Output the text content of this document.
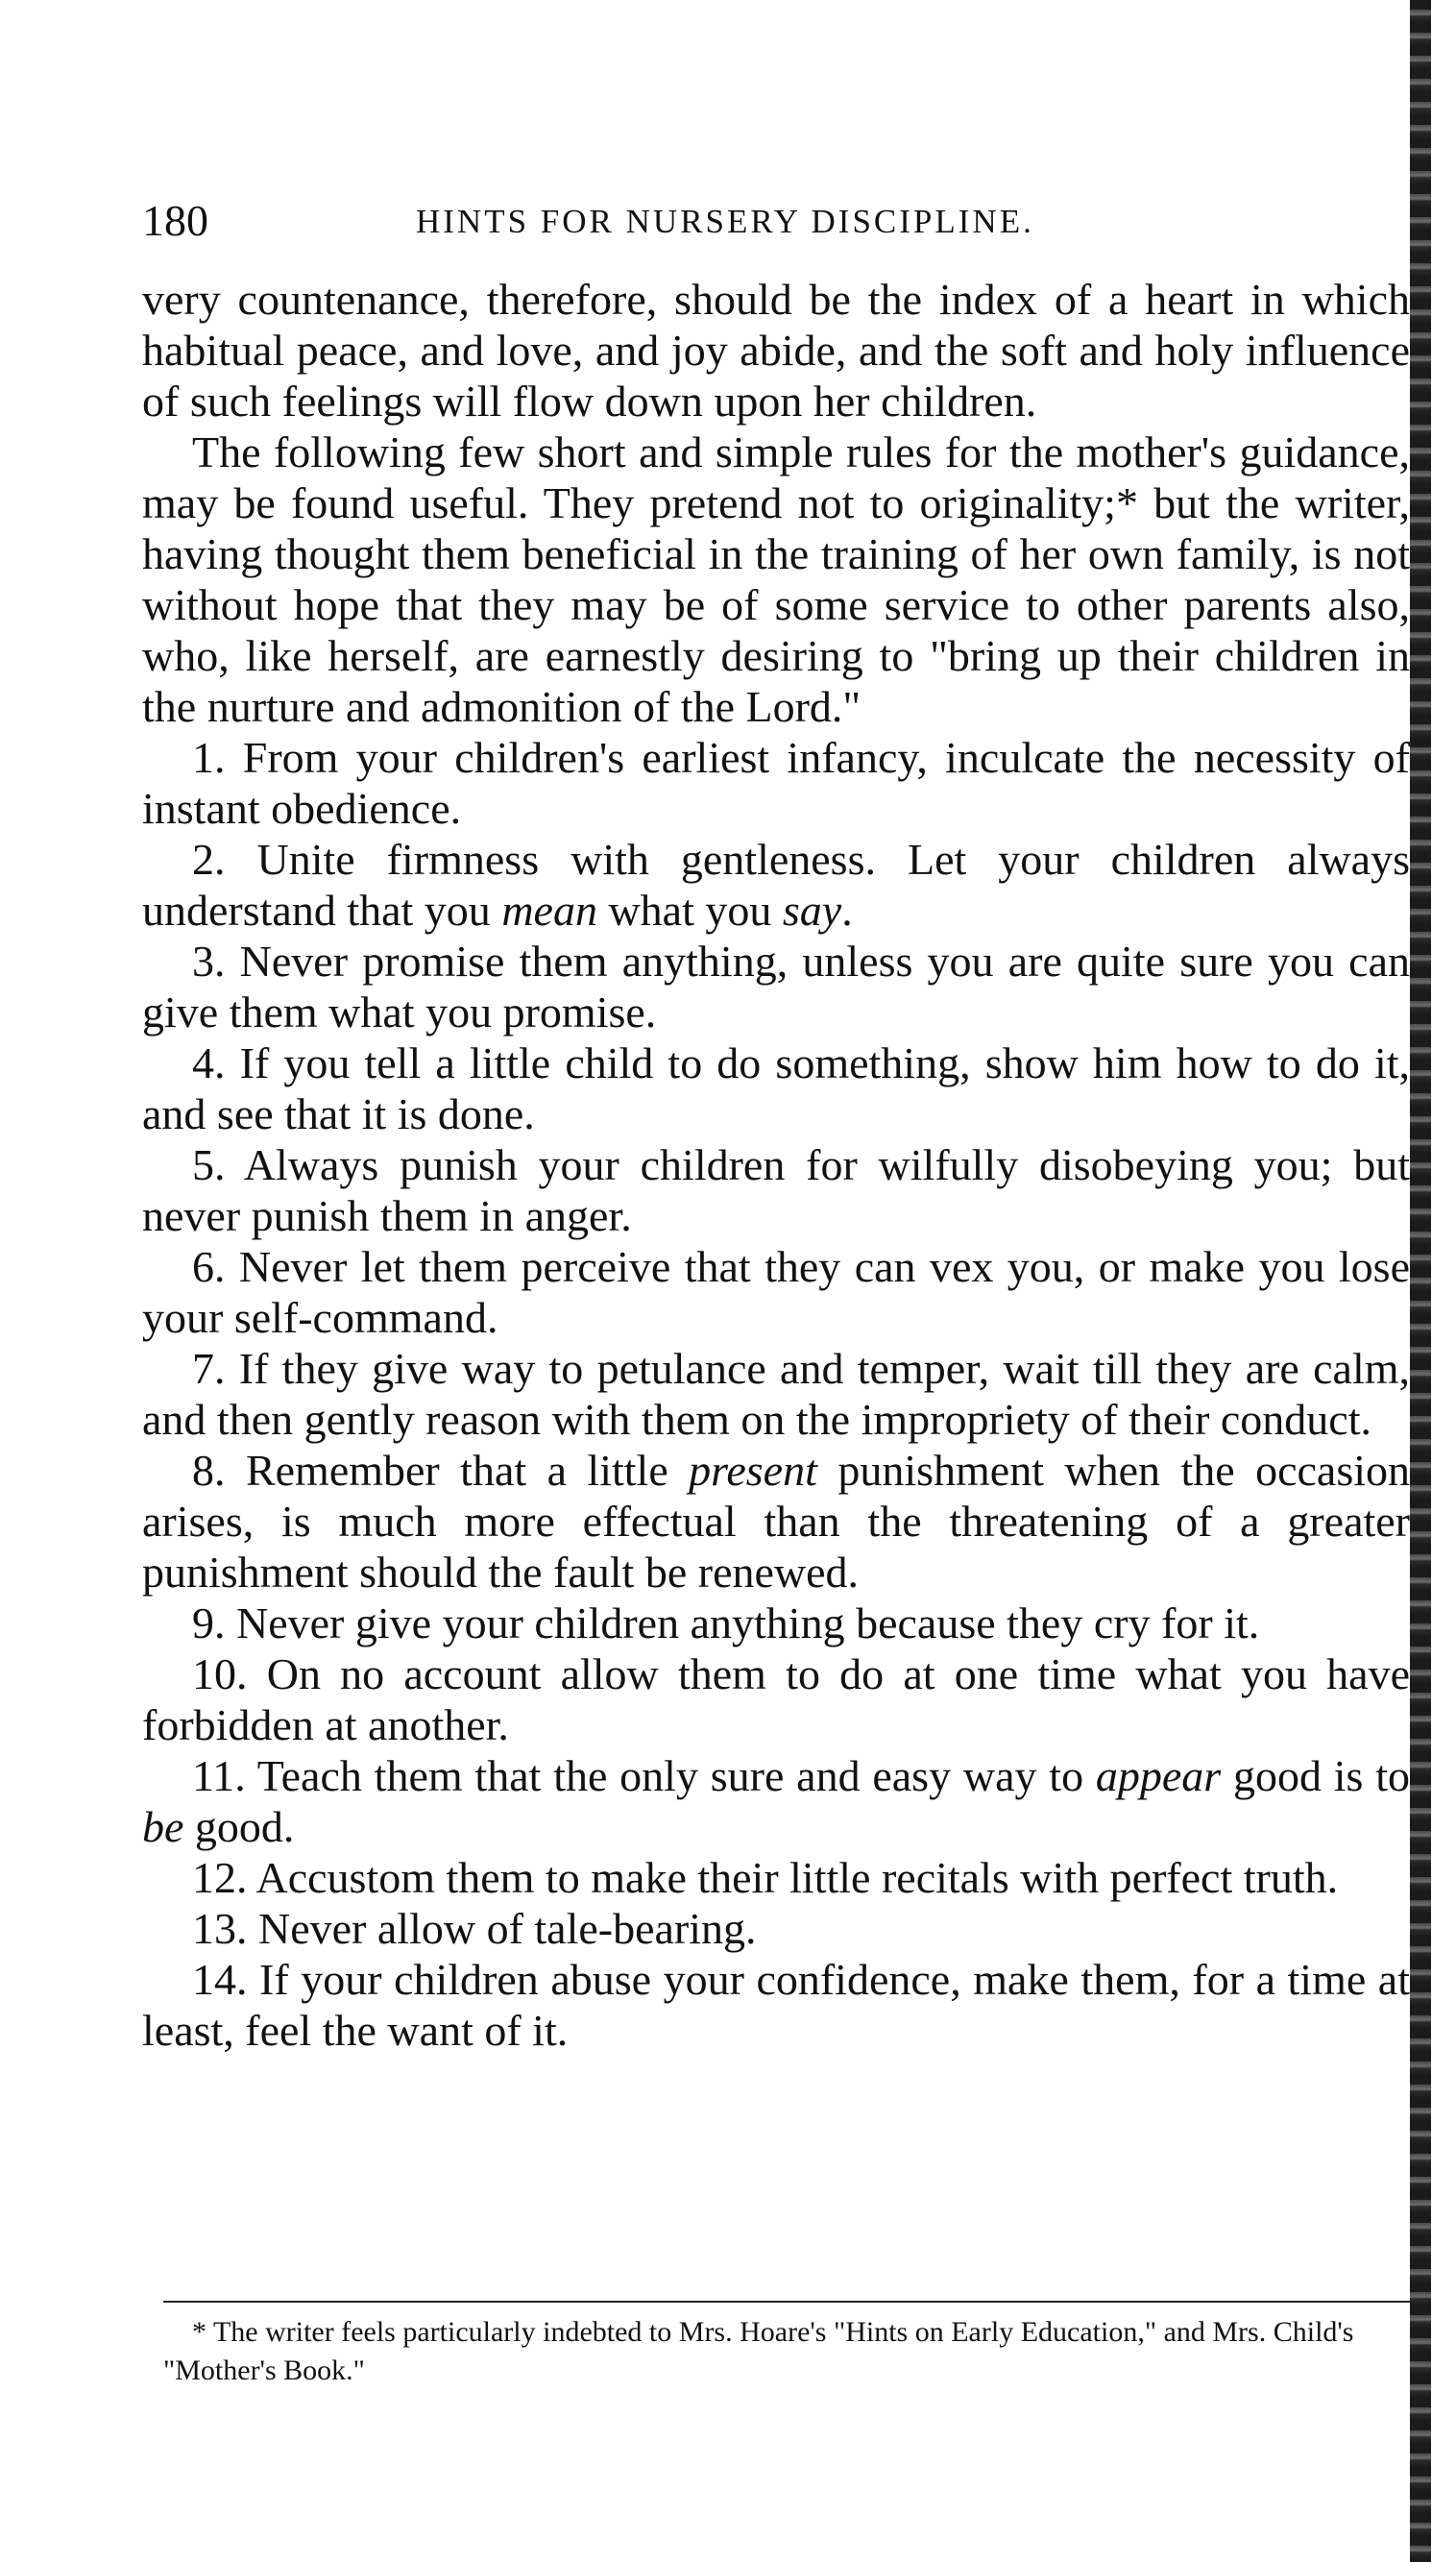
180	HINTS FOR NURSERY DISCIPLINE.

very countenance, therefore, should be the index of a heart in which habitual peace, and love, and joy abide, and the soft and holy influence of such feelings will flow down upon her children.

The following few short and simple rules for the mother's guidance, may be found useful. They pretend not to originality;* but the writer, having thought them beneficial in the training of her own family, is not without hope that they may be of some service to other parents also, who, like herself, are earnestly desiring to "bring up their children in the nurture and admonition of the Lord."

1. From your children's earliest infancy, inculcate the necessity of instant obedience.

2. Unite firmness with gentleness. Let your children always understand that you mean what you say.

3. Never promise them anything, unless you are quite sure you can give them what you promise.

4. If you tell a little child to do something, show him how to do it, and see that it is done.

5. Always punish your children for wilfully disobeying you; but never punish them in anger.

6. Never let them perceive that they can vex you, or make you lose your self-command.

7. If they give way to petulance and temper, wait till they are calm, and then gently reason with them on the impropriety of their conduct.

8. Remember that a little present punishment when the occasion arises, is much more effectual than the threatening of a greater punishment should the fault be renewed.

9. Never give your children anything because they cry for it.

10. On no account allow them to do at one time what you have forbidden at another.

11. Teach them that the only sure and easy way to appear good is to be good.

12. Accustom them to make their little recitals with perfect truth.

13. Never allow of tale-bearing.

14. If your children abuse your confidence, make them, for a time at least, feel the want of it.

* The writer feels particularly indebted to Mrs. Hoare's "Hints on Early Education," and Mrs. Child's "Mother's Book."
